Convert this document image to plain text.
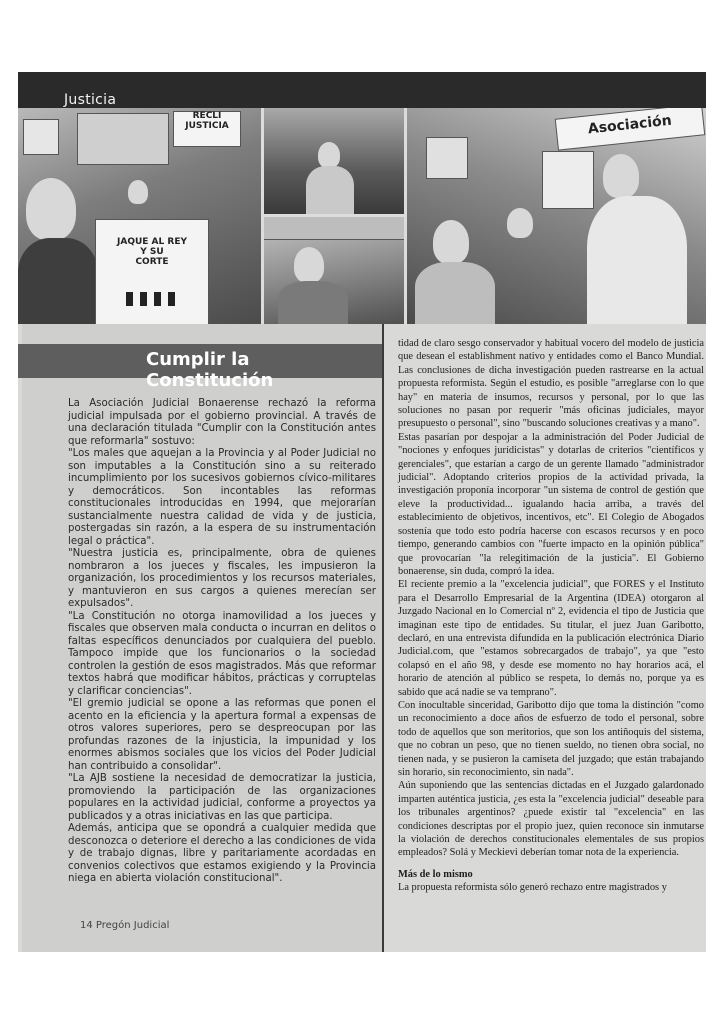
Justicia
RECLI
JUSTICIA
JAQUE AL REY
Y SU
CORTE
Asociación
Cumplir la Constitución

La Asociación Judicial Bonaerense rechazó la reforma judicial impulsada por el gobierno provincial. A través de una declaración titulada "Cumplir con la Constitución antes que reformarla" sostuvo:

"Los males que aquejan a la Provincia y al Poder Judicial no son imputables a la Constitución sino a su reiterado incumplimiento por los sucesivos gobiernos cívico-militares y democráticos. Son incontables las reformas constitucionales introducidas en 1994, que mejorarían sustancialmente nuestra calidad de vida y de justicia, postergadas sin razón, a la espera de su instrumentación legal o práctica".

"Nuestra justicia es, principalmente, obra de quienes nombraron a los jueces y fiscales, les impusieron la organización, los procedimientos y los recursos materiales, y mantuvieron en sus cargos a quienes merecían ser expulsados".

"La Constitución no otorga inamovilidad a los jueces y fiscales que observen mala conducta o incurran en delitos o faltas específicos denunciados por cualquiera del pueblo. Tampoco impide que los funcionarios o la sociedad controlen la gestión de esos magistrados. Más que reformar textos habrá que modificar hábitos, prácticas y corruptelas y clarificar conciencias".

"El gremio judicial se opone a las reformas que ponen el acento en la eficiencia y la apertura formal a expensas de otros valores superiores, pero se despreocupan por las profundas razones de la injusticia, la impunidad y los enormes abismos sociales que los vicios del Poder Judicial han contribuido a consolidar".

"La AJB sostiene la necesidad de democratizar la justicia, promoviendo la participación de las organizaciones populares en la actividad judicial, conforme a proyectos ya publicados y a otras iniciativas en las que participa.

Además, anticipa que se opondrá a cualquier medida que desconozca o deteriore el derecho a las condiciones de vida y de trabajo dignas, libre y paritariamente acordadas en convenios colectivos que estamos exigiendo y la Provincia niega en abierta violación constitucional".

14 Pregón Judicial

tidad de claro sesgo conservador y habitual vocero del modelo de justicia que desean el establishment nativo y entidades como el Banco Mundial. Las conclusiones de dicha investigación pueden rastrearse en la actual propuesta reformista. Según el estudio, es posible "arreglarse con lo que hay" en materia de insumos, recursos y personal, por lo que las soluciones no pasan por requerir "más oficinas judiciales, mayor presupuesto o personal", sino "buscando soluciones creativas y a mano".

Estas pasarían por despojar a la administración del Poder Judicial de "nociones y enfoques jurídicistas" y dotarlas de criterios "científicos y gerenciales", que estarían a cargo de un gerente llamado "administrador judicial". Adoptando criterios propios de la actividad privada, la investigación proponía incorporar "un sistema de control de gestión que eleve la productividad... igualando hacia arriba, a través del establecimiento de objetivos, incentivos, etc". El Colegio de Abogados sostenía que todo esto podría hacerse con escasos recursos y en poco tiempo, generando cambios con "fuerte impacto en la opinión pública" que provocarían "la relegitimación de la justicia". El Gobierno bonaerense, sin duda, compró la idea.

El reciente premio a la "excelencia judicial", que FORES y el Instituto para el Desarrollo Empresarial de la Argentina (IDEA) otorgaron al Juzgado Nacional en lo Comercial nº 2, evidencia el tipo de Justicia que imaginan este tipo de entidades. Su titular, el juez Juan Garibotto, declaró, en una entrevista difundida en la publicación electrónica Diario Judicial.com, que "estamos sobrecargados de trabajo", ya que "esto colapsó en el año 98, y desde ese momento no hay horarios acá, el horario de atención al público se respeta, lo demás no, porque ya es sabido que acá nadie se va temprano".

Con inocultable sinceridad, Garibotto dijo que toma la distinción "como un reconocimiento a doce años de esfuerzo de todo el personal, sobre todo de aquellos que son meritorios, que son los antiñoquis del sistema, que no cobran un peso, que no tienen sueldo, no tienen obra social, no tienen nada, y se pusieron la camiseta del juzgado; que están trabajando sin horario, sin reconocimiento, sin nada".

Aún suponiendo que las sentencias dictadas en el Juzgado galardonado imparten auténtica justicia, ¿es esta la "excelencia judicial" deseable para los tribunales argentinos? ¿puede existir tal "excelencia" en las condiciones descriptas por el propio juez, quien reconoce sin inmutarse la violación de derechos constitucionales elementales de sus propios empleados? Solá y Meckievi deberían tomar nota de la experiencia.

Más de lo mismo

La propuesta reformista sólo generó rechazo entre magistrados y
